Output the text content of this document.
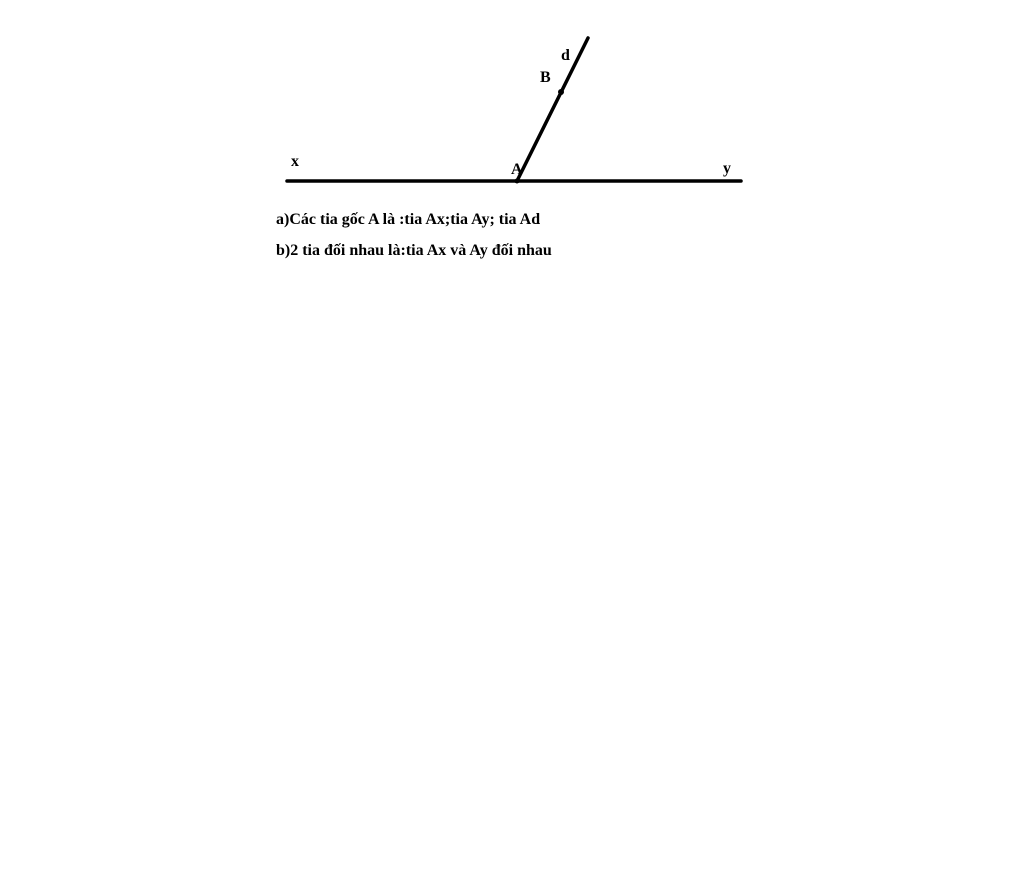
x	y
d
A
B
a)Các tia gốc A là :tia Ax;tia Ay; tia Ad
b)2 tia đối nhau là:tia Ax và Ay đối nhau
